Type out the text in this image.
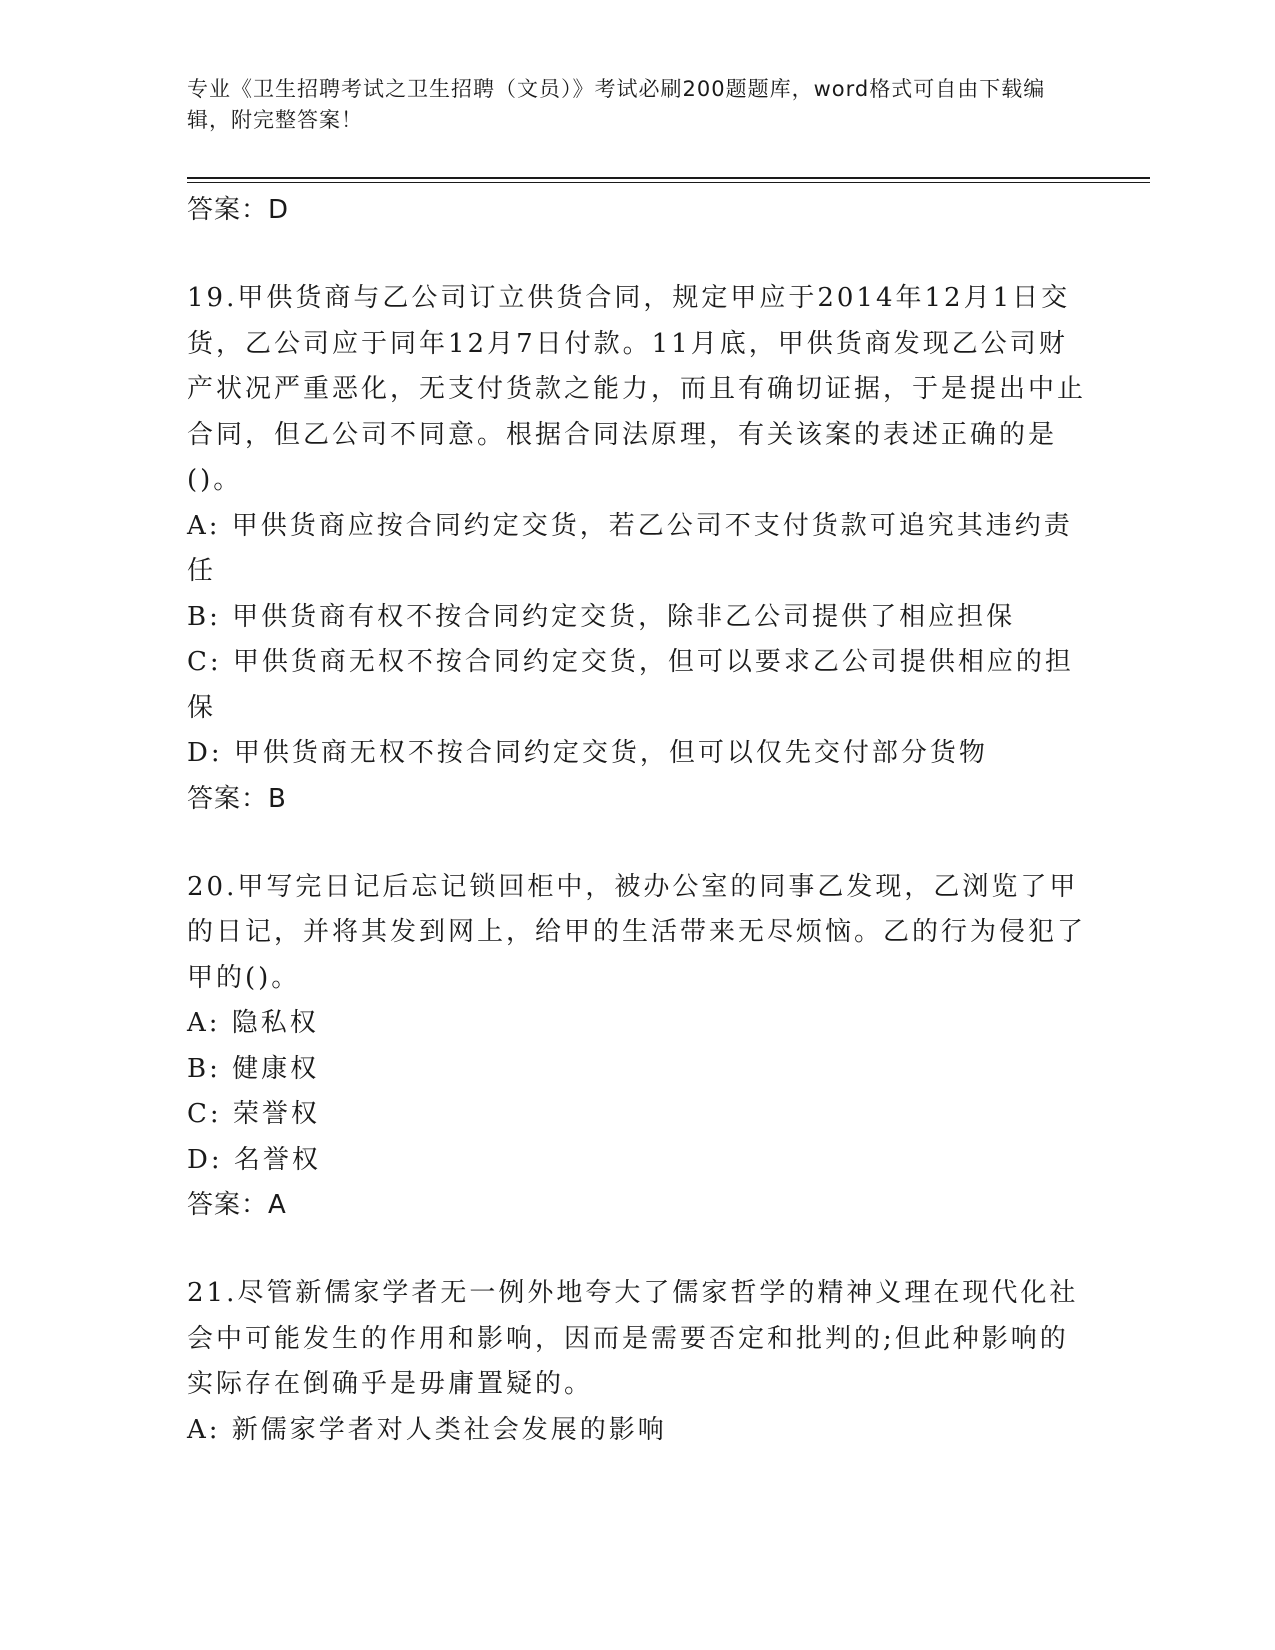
专业《卫生招聘考试之卫生招聘（文员）》考试必刷200题题库，word格式可自由下载编辑，附完整答案！

答案：D

19.甲供货商与乙公司订立供货合同，规定甲应于2014年12月1日交货，乙公司应于同年12月7日付款。11月底，甲供货商发现乙公司财产状况严重恶化，无支付货款之能力，而且有确切证据，于是提出中止合同，但乙公司不同意。根据合同法原理，有关该案的表述正确的是()。

A: 甲供货商应按合同约定交货，若乙公司不支付货款可追究其违约责任

B: 甲供货商有权不按合同约定交货，除非乙公司提供了相应担保

C: 甲供货商无权不按合同约定交货，但可以要求乙公司提供相应的担保

D: 甲供货商无权不按合同约定交货，但可以仅先交付部分货物

答案：B

20.甲写完日记后忘记锁回柜中，被办公室的同事乙发现，乙浏览了甲的日记，并将其发到网上，给甲的生活带来无尽烦恼。乙的行为侵犯了甲的()。

A: 隐私权

B: 健康权

C: 荣誉权

D: 名誉权

答案：A

21.尽管新儒家学者无一例外地夸大了儒家哲学的精神义理在现代化社会中可能发生的作用和影响，因而是需要否定和批判的;但此种影响的实际存在倒确乎是毋庸置疑的。

A: 新儒家学者对人类社会发展的影响
